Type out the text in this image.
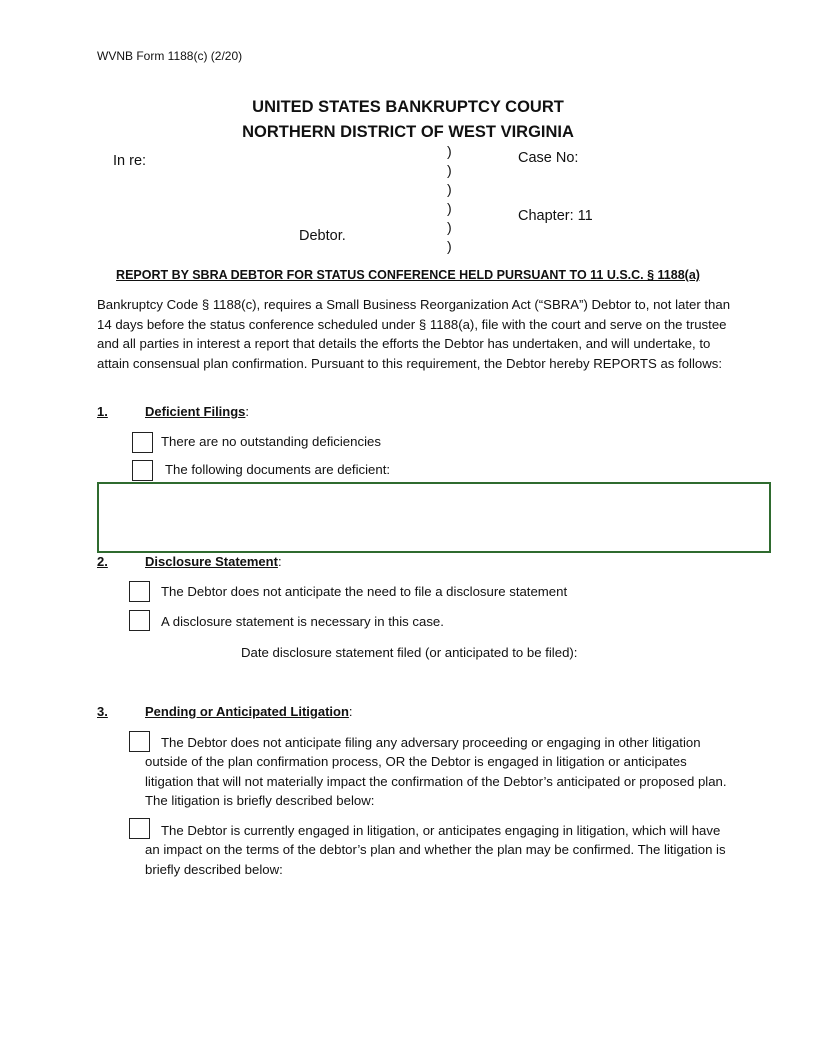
WVNB Form 1188(c) (2/20)
UNITED STATES BANKRUPTCY COURT
NORTHERN DISTRICT OF WEST VIRGINIA
In re:
Debtor.
)
)
)
)
)
)
Case No:
Chapter: 11
REPORT BY SBRA DEBTOR FOR STATUS CONFERENCE HELD PURSUANT TO 11 U.S.C. § 1188(a)
Bankruptcy Code § 1188(c), requires a Small Business Reorganization Act (“SBRA”) Debtor to, not later than 14 days before the status conference scheduled under § 1188(a), file with the court and serve on the trustee and all parties in interest a report that details the efforts the Debtor has undertaken, and will undertake, to attain consensual plan confirmation. Pursuant to this requirement, the Debtor hereby REPORTS as follows:
1.	Deficient Filings:
There are no outstanding deficiencies
The following documents are deficient:
2.	Disclosure Statement:
The Debtor does not anticipate the need to file a disclosure statement
A disclosure statement is necessary in this case.
Date disclosure statement filed (or anticipated to be filed):
3.	Pending or Anticipated Litigation:
The Debtor does not anticipate filing any adversary proceeding or engaging in other litigation outside of the plan confirmation process, OR the Debtor is engaged in litigation or anticipates litigation that will not materially impact the confirmation of the Debtor’s anticipated or proposed plan. The litigation is briefly described below:
The Debtor is currently engaged in litigation, or anticipates engaging in litigation, which will have an impact on the terms of the debtor’s plan and whether the plan may be confirmed. The litigation is briefly described below:
